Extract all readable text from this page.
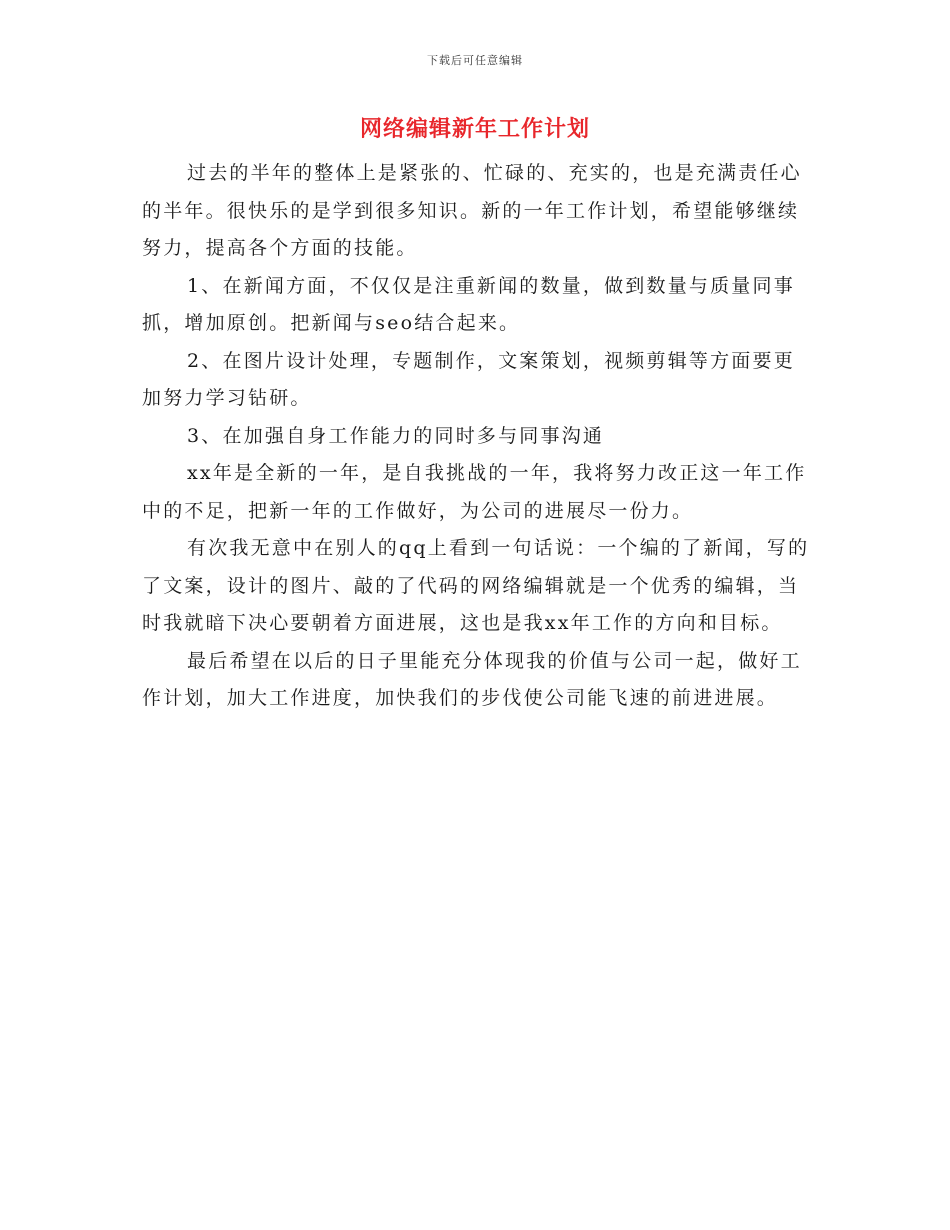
下载后可任意编辑
网络编辑新年工作计划

过去的半年的整体上是紧张的、忙碌的、充实的，也是充满责任心的半年。很快乐的是学到很多知识。新的一年工作计划，希望能够继续努力，提高各个方面的技能。

1、在新闻方面，不仅仅是注重新闻的数量，做到数量与质量同事抓，增加原创。把新闻与seo结合起来。

2、在图片设计处理，专题制作，文案策划，视频剪辑等方面要更加努力学习钻研。

3、在加强自身工作能力的同时多与同事沟通

xx年是全新的一年，是自我挑战的一年，我将努力改正这一年工作中的不足，把新一年的工作做好，为公司的进展尽一份力。

有次我无意中在别人的qq上看到一句话说：一个编的了新闻，写的了文案，设计的图片、敲的了代码的网络编辑就是一个优秀的编辑，当时我就暗下决心要朝着方面进展，这也是我xx年工作的方向和目标。

最后希望在以后的日子里能充分体现我的价值与公司一起，做好工作计划，加大工作进度，加快我们的步伐使公司能飞速的前进进展。
